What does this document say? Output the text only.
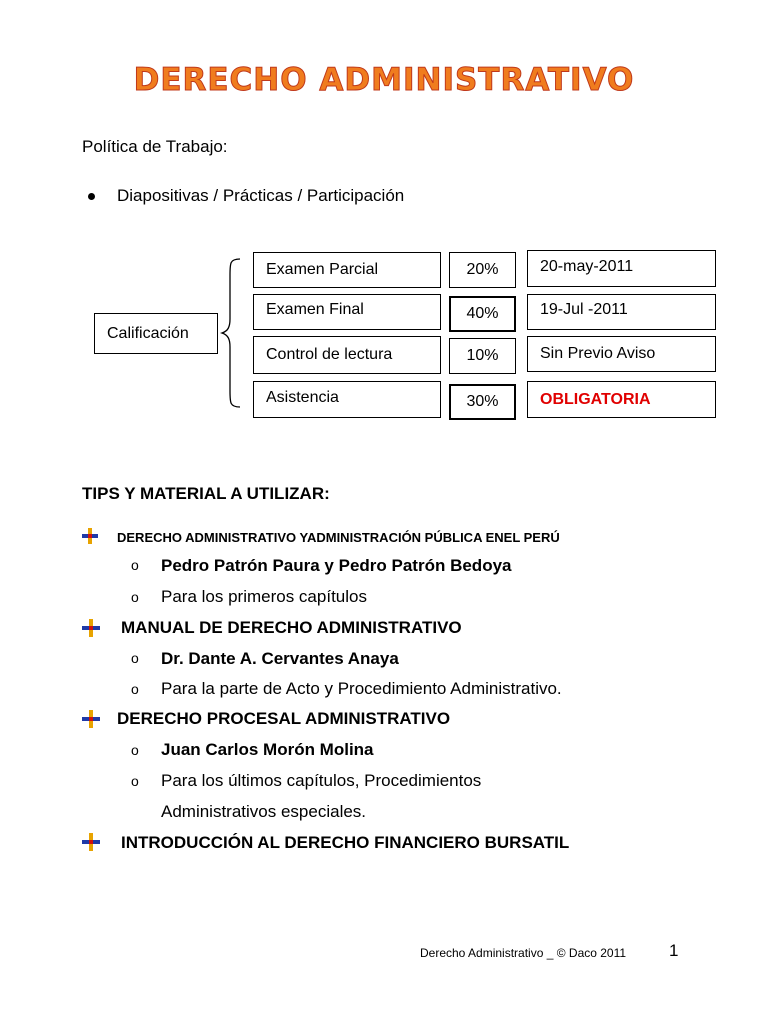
DERECHO ADMINISTRATIVO
Política de Trabajo:
Diapositivas / Prácticas / Participación
Calificación
Examen Parcial	20%	20-may-2011
Examen Final	40%	19-Jul -2011
Control de lectura	10%	Sin Previo Aviso
Asistencia	30%	OBLIGATORIA
TIPS Y MATERIAL A UTILIZAR:
DERECHO ADMINISTRATIVO YADMINISTRACIÓN PÚBLICA ENEL PERÚ
o Pedro Patrón Paura y Pedro Patrón Bedoya
o Para los primeros capítulos
MANUAL DE DERECHO ADMINISTRATIVO
o Dr. Dante A. Cervantes Anaya
o Para la parte de Acto y Procedimiento Administrativo.
DERECHO PROCESAL ADMINISTRATIVO
o Juan Carlos Morón Molina
o Para los últimos capítulos, Procedimientos
Administrativos especiales.
INTRODUCCIÓN AL DERECHO FINANCIERO BURSATIL
Derecho Administrativo _ © Daco 2011	1
